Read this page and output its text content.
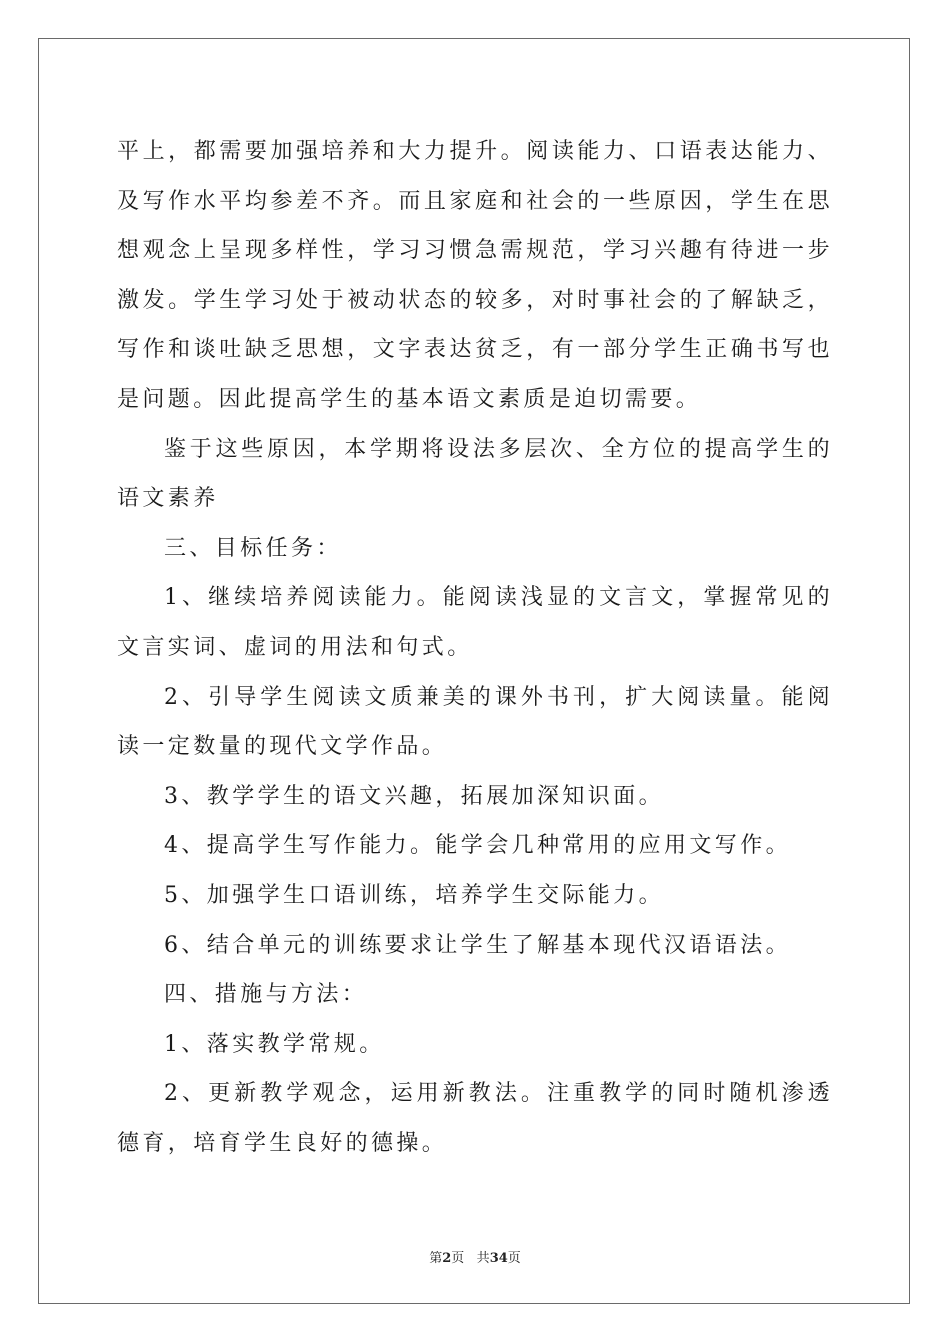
平上，都需要加强培养和大力提升。阅读能力、口语表达能力、及写作水平均参差不齐。而且家庭和社会的一些原因，学生在思想观念上呈现多样性，学习习惯急需规范，学习兴趣有待进一步激发。学生学习处于被动状态的较多，对时事社会的了解缺乏，写作和谈吐缺乏思想，文字表达贫乏，有一部分学生正确书写也是问题。因此提高学生的基本语文素质是迫切需要。

鉴于这些原因，本学期将设法多层次、全方位的提高学生的语文素养

三、目标任务：

1、继续培养阅读能力。能阅读浅显的文言文，掌握常见的文言实词、虚词的用法和句式。

2、引导学生阅读文质兼美的课外书刊，扩大阅读量。能阅读一定数量的现代文学作品。

3、教学学生的语文兴趣，拓展加深知识面。

4、提高学生写作能力。能学会几种常用的应用文写作。

5、加强学生口语训练，培养学生交际能力。

6、结合单元的训练要求让学生了解基本现代汉语语法。

四、措施与方法：

1、落实教学常规。

2、更新教学观念，运用新教法。注重教学的同时随机渗透德育，培育学生良好的德操。

第2页 共34页
